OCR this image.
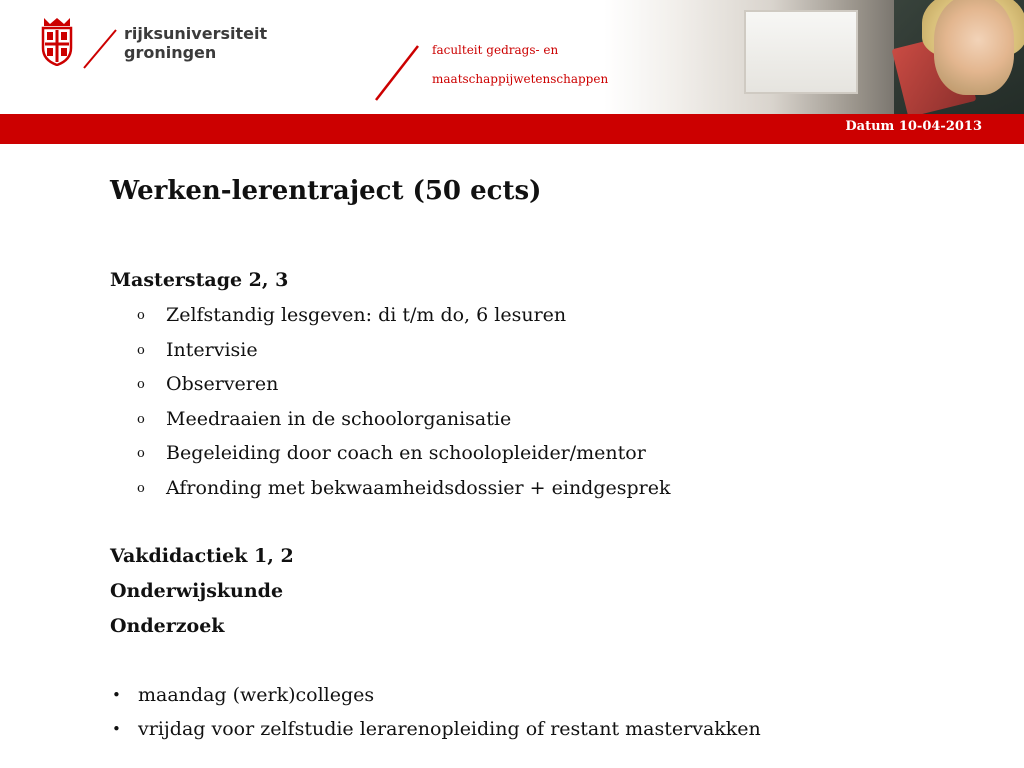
rijksuniversiteit
groningen	faculteit gedrags- en
maatschappijwetenschappen
Datum 10-04-2013
Werken-lerentraject (50 ects)
Masterstage 2, 3
o Zelfstandig lesgeven: di t/m do, 6 lesuren
o Intervisie
o Observeren
o Meedraaien in de schoolorganisatie
o Begeleiding door coach en schoolopleider/mentor
o Afronding met bekwaamheidsdossier + eindgesprek
Vakdidactiek 1, 2
Onderwijskunde
Onderzoek
• maandag (werk)colleges
• vrijdag voor zelfstudie lerarenopleiding of restant mastervakken
